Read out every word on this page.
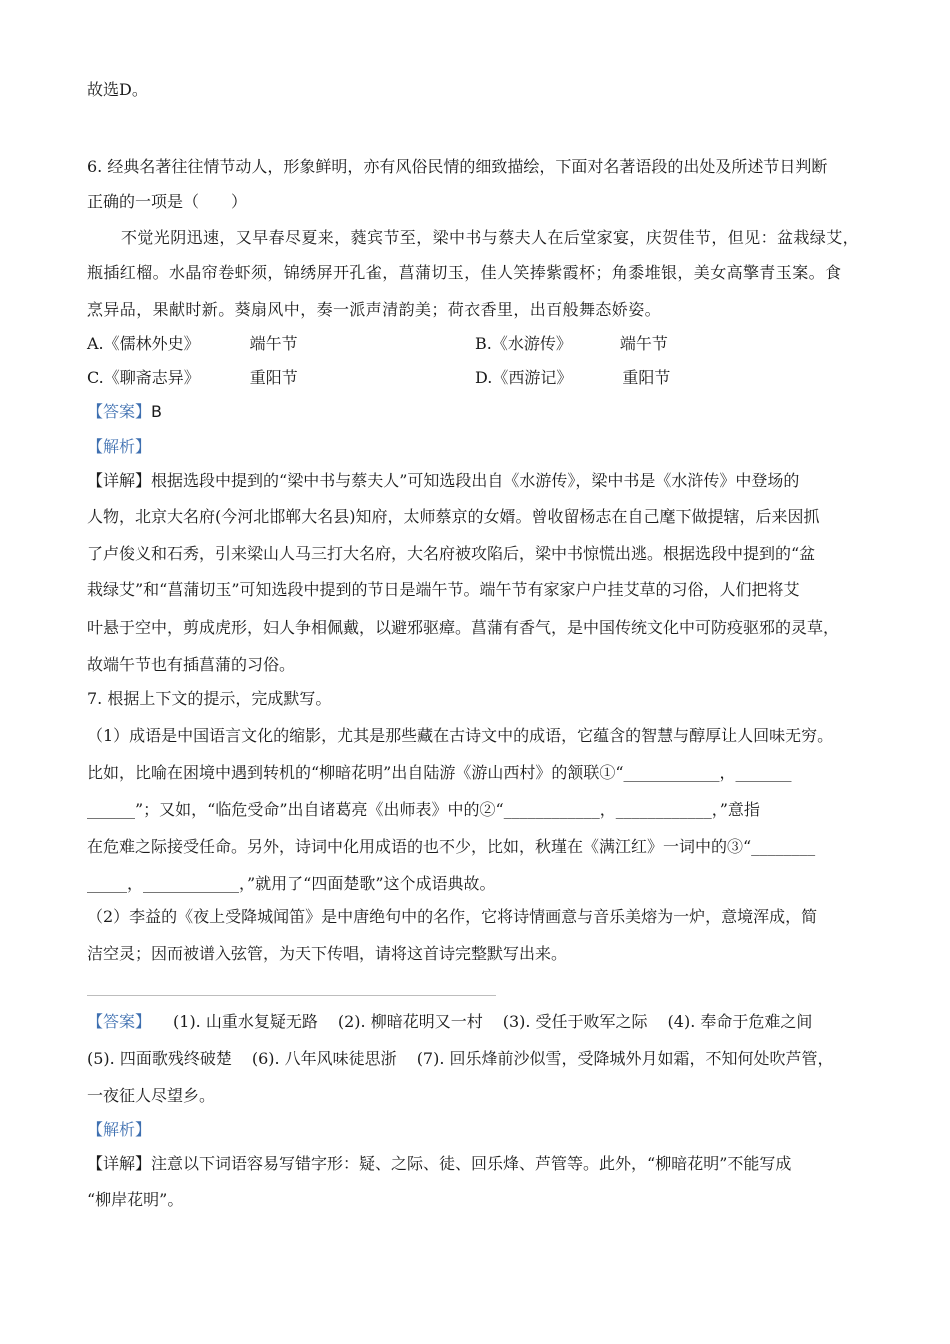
故选D。
6. 经典名著往往情节动人，形象鲜明，亦有风俗民情的细致描绘，下面对名著语段的出处及所述节日判断
正确的一项是（　　）
不觉光阴迅速，又早春尽夏来，蕤宾节至，梁中书与蔡夫人在后堂家宴，庆贺佳节，但见：盆栽绿艾，
瓶插红榴。水晶帘卷虾须，锦绣屏开孔雀，菖蒲切玉，佳人笑捧紫霞杯；角黍堆银，美女高擎青玉案。食
烹异品，果献时新。葵扇风中，奏一派声清韵美；荷衣香里，出百般舞态娇姿。
A.《儒林外史》	端午节	B.《水游传》	端午节
C.《聊斋志异》	重阳节	D.《西游记》	重阳节
【答案】B
【解析】
【详解】根据选段中提到的“梁中书与蔡夫人”可知选段出自《水游传》，梁中书是《水浒传》中登场的
人物，北京大名府(今河北邯郸大名县)知府，太师蔡京的女婿。曾收留杨志在自己麾下做提辖，后来因抓
了卢俊义和石秀，引来梁山人马三打大名府，大名府被攻陷后，梁中书惊慌出逃。根据选段中提到的“盆
栽绿艾”和“菖蒲切玉”可知选段中提到的节日是端午节。端午节有家家户户挂艾草的习俗，人们把将艾
叶悬于空中，剪成虎形，妇人争相佩戴，以避邪驱瘴。菖蒲有香气，是中国传统文化中可防疫驱邪的灵草，
故端午节也有插菖蒲的习俗。
7. 根据上下文的提示，完成默写。
（1）成语是中国语言文化的缩影，尤其是那些藏在古诗文中的成语，它蕴含的智慧与醇厚让人回味无穷。
比如，比喻在困境中遇到转机的“柳暗花明”出自陆游《游山西村》的颔联①“____________，_______
______”；又如，“临危受命”出自诸葛亮《出师表》中的②“____________，____________，”意指
在危难之际接受任命。另外，诗词中化用成语的也不少，比如，秋瑾在《满江红》一词中的③“________
_____，____________，”就用了“四面楚歌”这个成语典故。
（2）李益的《夜上受降城闻笛》是中唐绝句中的名作，它将诗情画意与音乐美熔为一炉，意境浑成，简
洁空灵；因而被谱入弦管，为天下传唱，请将这首诗完整默写出来。
【答案】 (1). 山重水复疑无路 (2). 柳暗花明又一村 (3). 受任于败军之际 (4). 奉命于危难之间
(5). 四面歌残终破楚 (6). 八年风味徒思浙 (7). 回乐烽前沙似雪，受降城外月如霜，不知何处吹芦管，
一夜征人尽望乡。
【解析】
【详解】注意以下词语容易写错字形：疑、之际、徒、回乐烽、芦管等。此外，“柳暗花明”不能写成
“柳岸花明”。
